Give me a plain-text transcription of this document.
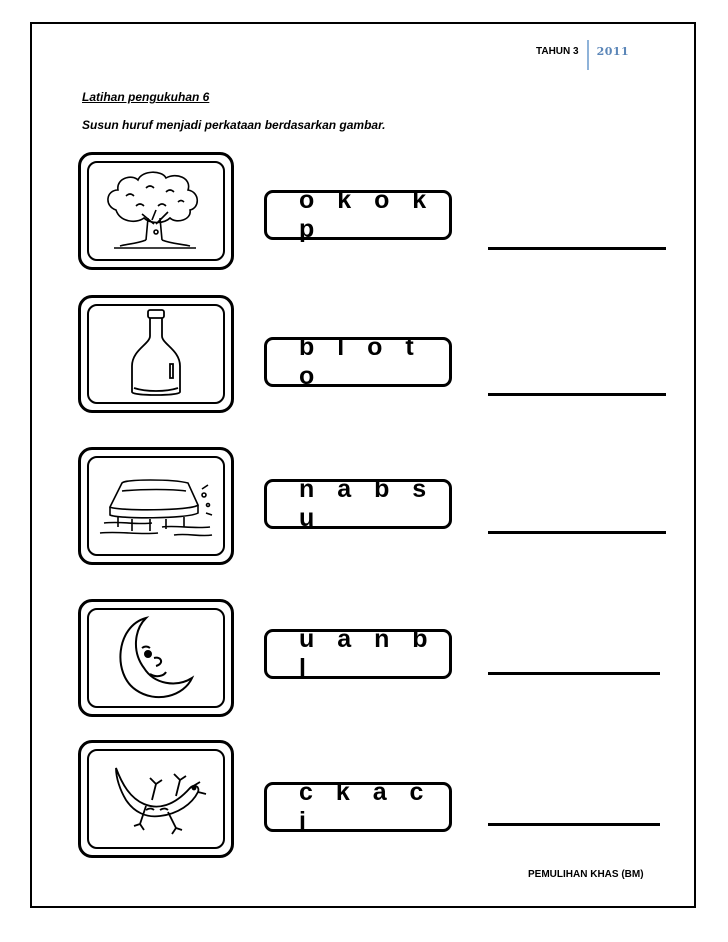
TAHUN 3	2011
Latihan pengukuhan 6
Susun huruf menjadi perkataan berdasarkan gambar.
o k o k p
b l o t o
n a b s u
u a n b l
c k a c i
PEMULIHAN KHAS (BM)
